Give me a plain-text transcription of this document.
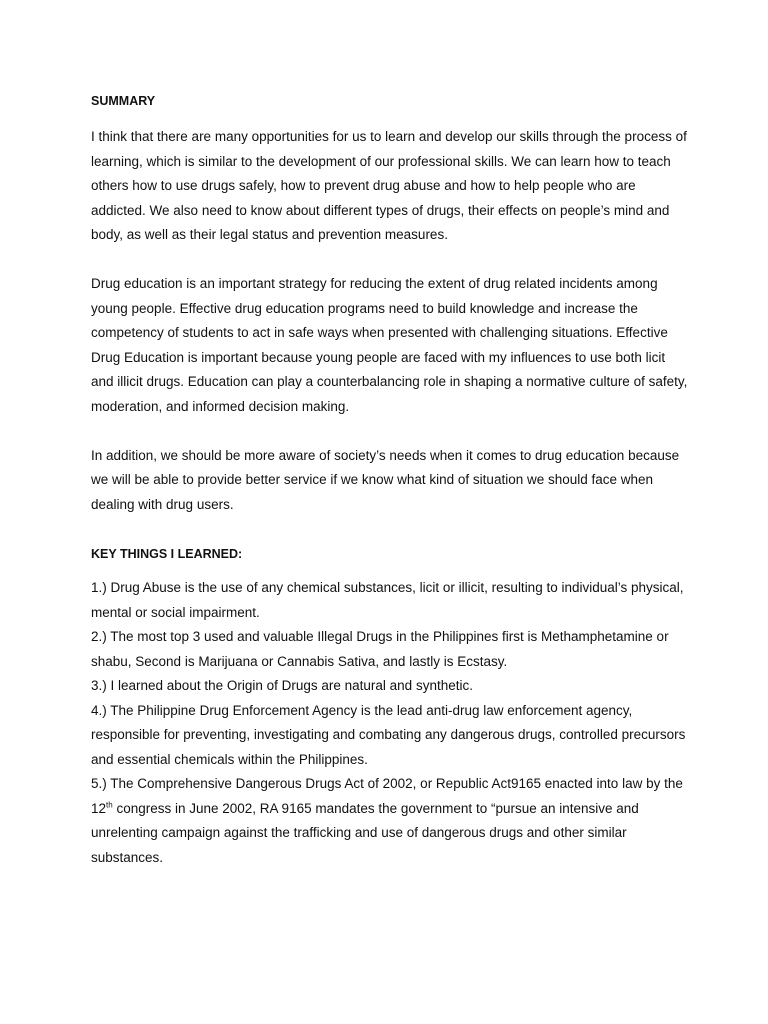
SUMMARY

I think that there are many opportunities for us to learn and develop our skills through the process of learning, which is similar to the development of our professional skills. We can learn how to teach others how to use drugs safely, how to prevent drug abuse and how to help people who are addicted. We also need to know about different types of drugs, their effects on people’s mind and body, as well as their legal status and prevention measures.

Drug education is an important strategy for reducing the extent of drug related incidents among young people. Effective drug education programs need to build knowledge and increase the competency of students to act in safe ways when presented with challenging situations. Effective Drug Education is important because young people are faced with my influences to use both licit and illicit drugs. Education can play a counterbalancing role in shaping a normative culture of safety, moderation, and informed decision making.

In addition, we should be more aware of society’s needs when it comes to drug education because we will be able to provide better service if we know what kind of situation we should face when dealing with drug users.

KEY THINGS I LEARNED:

1.) Drug Abuse is the use of any chemical substances, licit or illicit, resulting to individual’s physical, mental or social impairment.
2.) The most top 3 used and valuable Illegal Drugs in the Philippines first is Methamphetamine or shabu, Second is Marijuana or Cannabis Sativa, and lastly is Ecstasy.
3.) I learned about the Origin of Drugs are natural and synthetic.
4.) The Philippine Drug Enforcement Agency is the lead anti-drug law enforcement agency, responsible for preventing, investigating and combating any dangerous drugs, controlled precursors and essential chemicals within the Philippines.
5.) The Comprehensive Dangerous Drugs Act of 2002, or Republic Act9165 enacted into law by the 12th congress in June 2002, RA 9165 mandates the government to “pursue an intensive and unrelenting campaign against the trafficking and use of dangerous drugs and other similar substances.
